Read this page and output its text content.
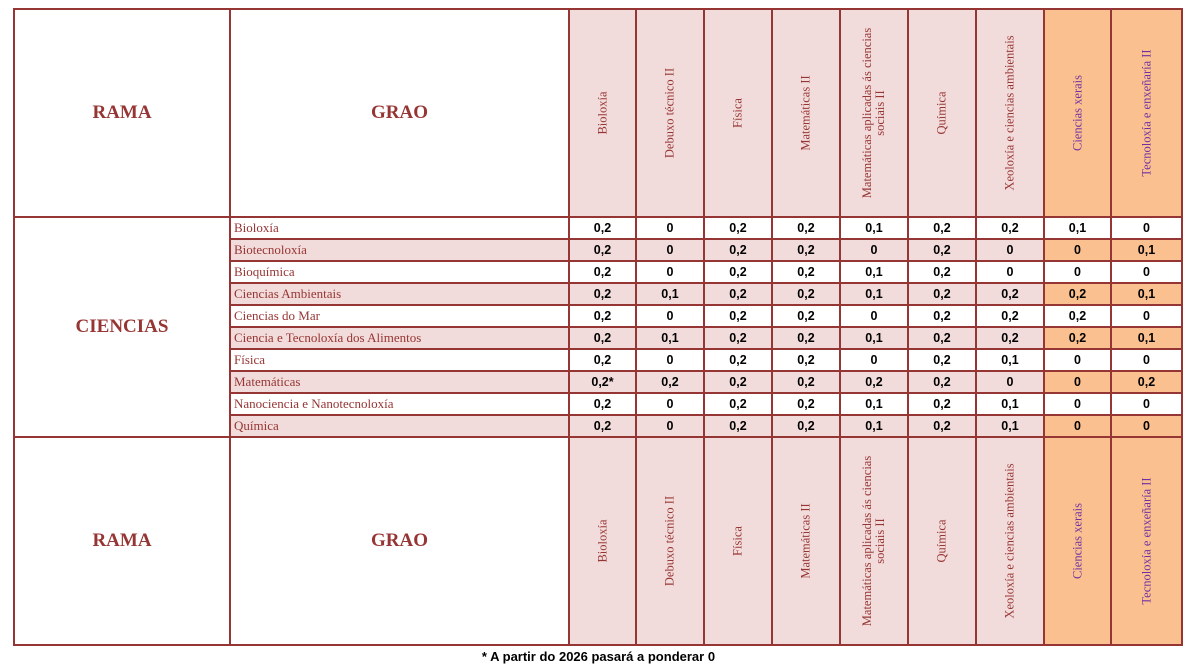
RAMA	GRAO	Bioloxía	Debuxo técnico II	Física	Matemáticas II	Matemáticas aplicadas ás ciencias sociais II	Química	Xeoloxía e ciencias ambientais	Ciencias xerais	Tecnoloxía e enxeñaría II

CIENCIAS	Bioloxía	0,2	0	0,2	0,2	0,1	0,2	0,2	0,1	0
	Biotecnoloxía	0,2	0	0,2	0,2	0	0,2	0	0	0,1
	Bioquímica	0,2	0	0,2	0,2	0,1	0,2	0	0	0
	Ciencias Ambientais	0,2	0,1	0,2	0,2	0,1	0,2	0,2	0,2	0,1
	Ciencias do Mar	0,2	0	0,2	0,2	0	0,2	0,2	0,2	0
	Ciencia e Tecnoloxía dos Alimentos	0,2	0,1	0,2	0,2	0,1	0,2	0,2	0,2	0,1
	Física	0,2	0	0,2	0,2	0	0,2	0,1	0	0
	Matemáticas	0,2*	0,2	0,2	0,2	0,2	0,2	0	0	0,2
	Nanociencia e Nanotecnoloxía	0,2	0	0,2	0,2	0,1	0,2	0,1	0	0
	Química	0,2	0	0,2	0,2	0,1	0,2	0,1	0	0
RAMA	GRAO	Bioloxía	Debuxo técnico II	Física	Matemáticas II	Matemáticas aplicadas ás ciencias sociais II	Química	Xeoloxía e ciencias ambientais	Ciencias xerais	Tecnoloxía e enxeñaría II
* A partir do 2026 pasará a ponderar 0
